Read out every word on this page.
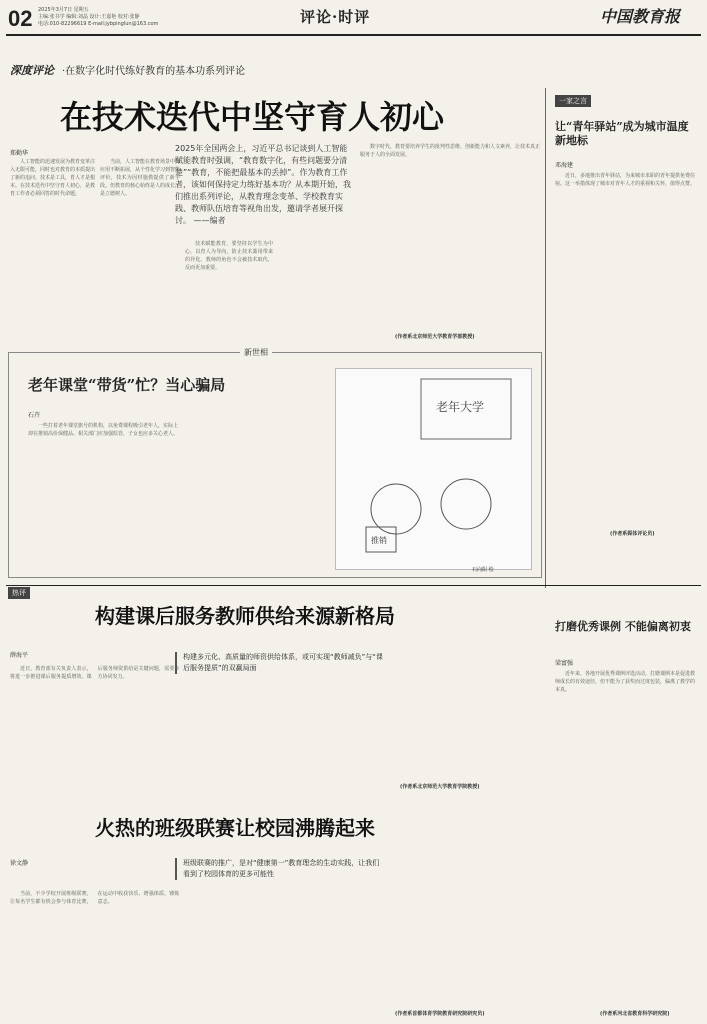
02 2025年3月7日 星期五
主编:张书学 编辑:刘晶 设计:王嘉艳 校对:张静
电话:010-82296619 E-mail:jybpinglun@163.com	评论·时评	中国教育报
深度评论 ·在数字化时代练好教育的基本功系列评论
在技术迭代中坚守育人初心
郑勤华
2025年全国两会上，习近平总书记谈到人工智能赋能教育时强调，“教育数字化，有些问题要分清楚”“教育，不能把最基本的丢掉”。作为教育工作者，该如何保持定力练好基本功？从本期开始，我们推出系列评论，从教育理念变革、学校教育实践、教师队伍培育等视角出发，邀请学者展开探讨。 ——编者

人工智能的迅速发展为教育变革注入无限可能，同时也对教育的本质提出了新的追问。技术是工具，育人才是根本。在技术迭代中坚守育人初心，是教育工作者必须回答的时代命题。

当前，人工智能在教育场景中的应用不断拓展，从个性化学习到智能评价，技术为因材施教提供了新手段。但教育的核心始终是人的成长，是立德树人。

技术赋能教育，要坚持以学生为中心，以育人为导向，防止技术滥用带来的异化。教师的角色不会被技术取代，反而更加重要。

数字时代，教育要培养学生的批判性思维、创新能力和人文素养，让技术真正服务于人的全面发展。

(作者系北京师范大学教育学部教授)
一家之言
让“青年驿站”成为城市温度新地标
邓海建

近日，多地推出青年驿站，为来城市求职的青年提供免费住宿。这一举措体现了城市对青年人才的重视和关怀，值得点赞。

(作者系媒体评论员)
新世相
老年课堂“带货”忙？当心骗局
石卉

一些打着老年课堂旗号的机构，以免费课程吸引老年人，实际上却在推销高价保健品。相关部门应加强监管，子女也应多关心老人。

老年大学
推销
石向阳 绘
热评
构建课后服务教师供给来源新格局
薛海平	构建多元化、高质量的师资供给体系，或可实现“教师减负”与“课后服务提质”的双赢局面

近日，教育部有关负责人表示，将进一步推进课后服务提质增效。课后服务师资供给是关键问题，需要多方协同发力。

(作者系北京师范大学教育学院教授)
打磨优秀课例 不能偏离初衷
梁富强

近年来，各地开展优秀课例评选活动。打磨课例本是促进教师成长的有效途径，但不能为了获奖而过度包装，偏离了教学的本真。

(作者系河北省教育科学研究院)
火热的班级联赛让校园沸腾起来
徐文静	班级联赛的推广，是对“健康第一”教育理念的生动实践，让我们看到了校园体育的更多可能性

当前，不少学校开展班级联赛，让每名学生都有机会参与体育比赛，在运动中收获快乐、增强体质、锤炼意志。

(作者系首都体育学院教育研究院研究员)
